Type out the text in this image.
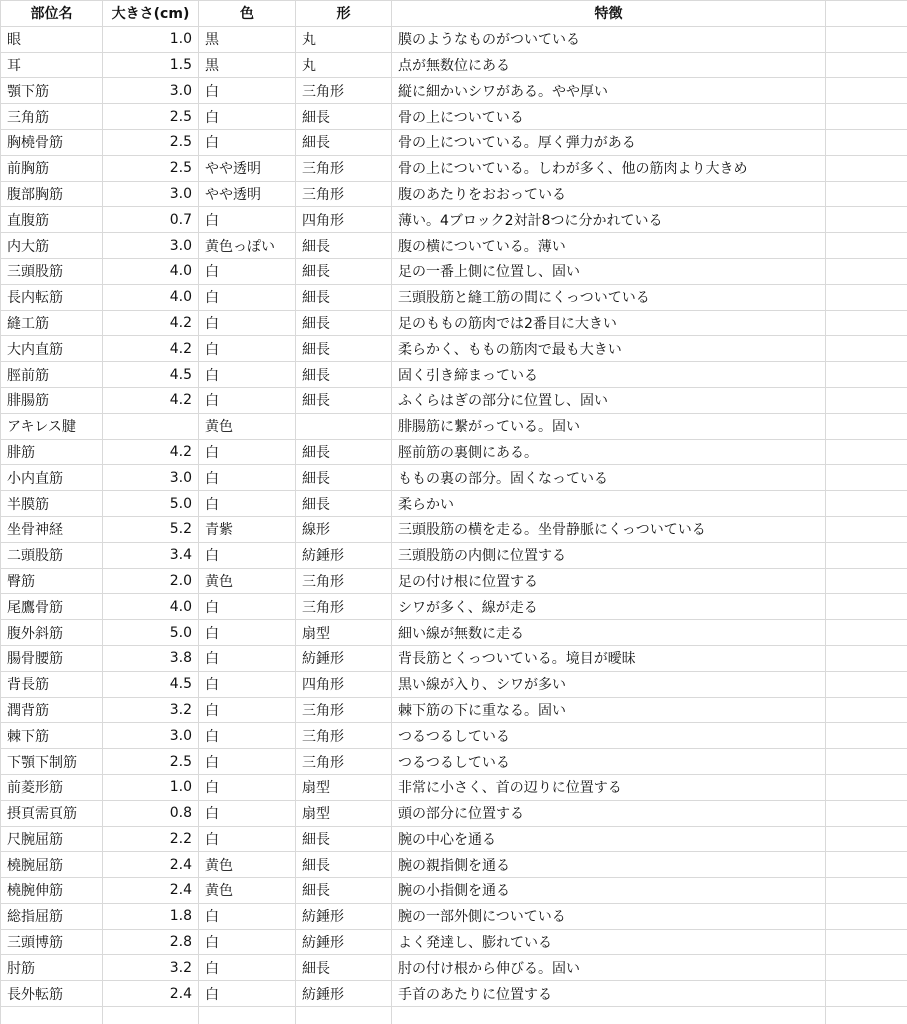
部位名	大きさ(cm)	色	形	特徴	
眼	1.0	黒	丸	膜のようなものがついている	
耳	1.5	黒	丸	点が無数位にある	
顎下筋	3.0	白	三角形	縦に細かいシワがある。やや厚い	
三角筋	2.5	白	細長	骨の上についている	
胸橈骨筋	2.5	白	細長	骨の上についている。厚く弾力がある	
前胸筋	2.5	やや透明	三角形	骨の上についている。しわが多く、他の筋肉より大きめ	
腹部胸筋	3.0	やや透明	三角形	腹のあたりをおおっている	
直腹筋	0.7	白	四角形	薄い。4ブロック2対計8つに分かれている	
内大筋	3.0	黄色っぽい	細長	腹の横についている。薄い	
三頭股筋	4.0	白	細長	足の一番上側に位置し、固い	
長内転筋	4.0	白	細長	三頭股筋と縫工筋の間にくっついている	
縫工筋	4.2	白	細長	足のももの筋肉では2番目に大きい	
大内直筋	4.2	白	細長	柔らかく、ももの筋肉で最も大きい	
脛前筋	4.5	白	細長	固く引き締まっている	
腓腸筋	4.2	白	細長	ふくらはぎの部分に位置し、固い	
アキレス腱		黄色		腓腸筋に繋がっている。固い	
腓筋	4.2	白	細長	脛前筋の裏側にある。	
小内直筋	3.0	白	細長	ももの裏の部分。固くなっている	
半膜筋	5.0	白	細長	柔らかい	
坐骨神経	5.2	青紫	線形	三頭股筋の横を走る。坐骨静脈にくっついている	
二頭股筋	3.4	白	紡錘形	三頭股筋の内側に位置する	
臀筋	2.0	黄色	三角形	足の付け根に位置する	
尾鷹骨筋	4.0	白	三角形	シワが多く、線が走る	
腹外斜筋	5.0	白	扇型	細い線が無数に走る	
腸骨腰筋	3.8	白	紡錘形	背長筋とくっついている。境目が曖昧	
背長筋	4.5	白	四角形	黒い線が入り、シワが多い	
潤背筋	3.2	白	三角形	棘下筋の下に重なる。固い	
棘下筋	3.0	白	三角形	つるつるしている	
下顎下制筋	2.5	白	三角形	つるつるしている	
前菱形筋	1.0	白	扇型	非常に小さく、首の辺りに位置する	
摂頁需頁筋	0.8	白	扇型	頭の部分に位置する	
尺腕屈筋	2.2	白	細長	腕の中心を通る	
橈腕屈筋	2.4	黄色	細長	腕の親指側を通る	
橈腕伸筋	2.4	黄色	細長	腕の小指側を通る	
総指屈筋	1.8	白	紡錘形	腕の一部外側についている	
三頭博筋	2.8	白	紡錘形	よく発達し、膨れている	
肘筋	3.2	白	細長	肘の付け根から伸びる。固い	
長外転筋	2.4	白	紡錘形	手首のあたりに位置する	
